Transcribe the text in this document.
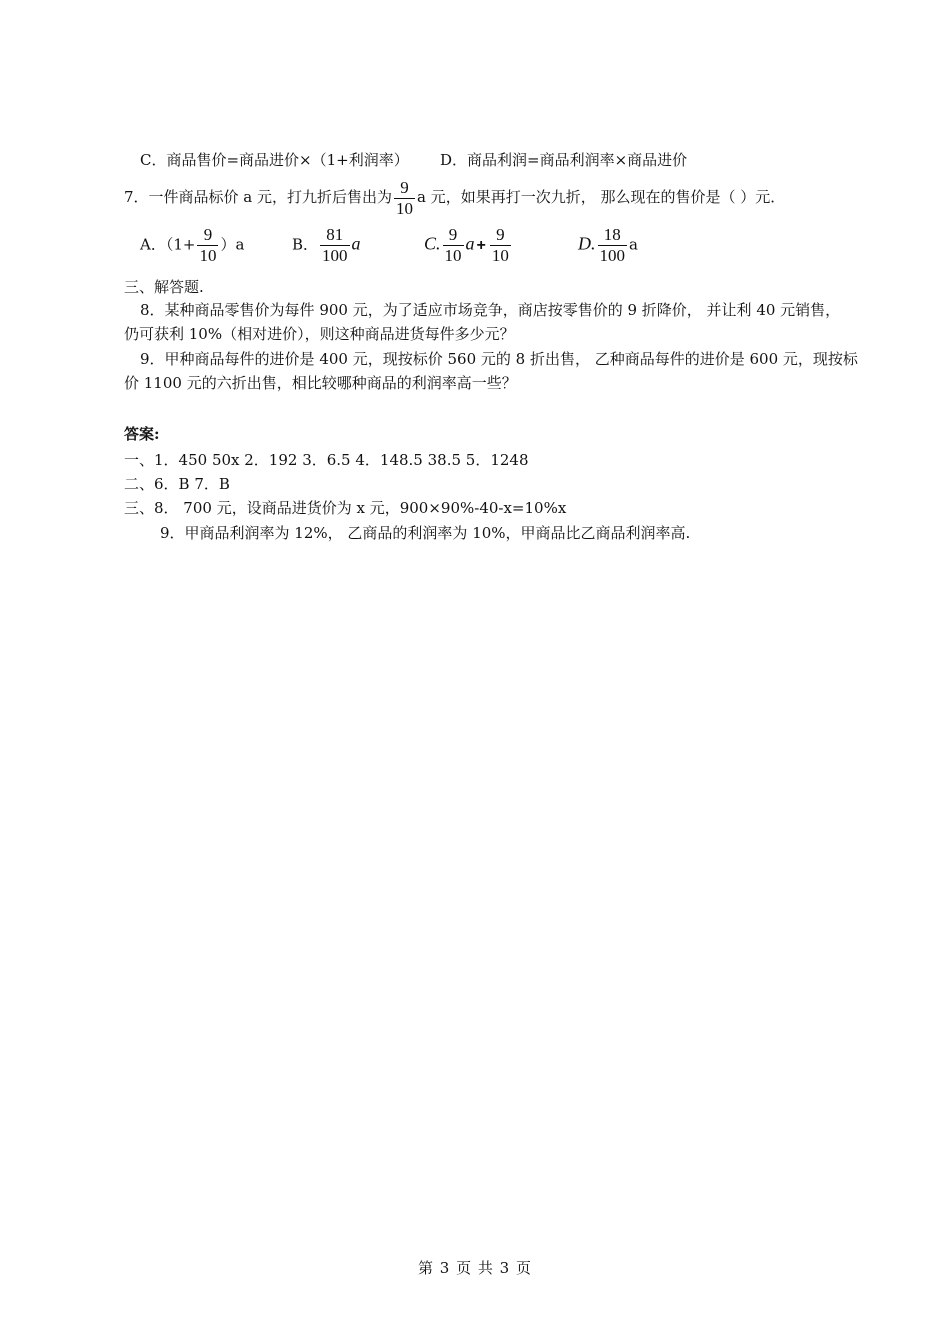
C．商品售价=商品进价×（1+利润率） D．商品利润=商品利润率×商品进价
7．一件商品标价 a 元，打九折后售出为 $\frac{9}{10}$ a 元，如果再打一次九折， 那么现在的售价是（ ）元．
A．$(1+ \frac{9}{10} )a$	B． $\frac{81}{100}$ a	C. $\frac{9}{10}$ $a + \frac{9}{10}$	D. $\frac{18}{100}$ a
三、解答题.
8．某种商品零售价为每件 900 元，为了适应市场竞争，商店按零售价的 9 折降价， 并让利 40 元销售，
仍可获利 10%（相对进价），则这种商品进货每件多少元？
9．甲种商品每件的进价是 400 元，现按标价 560 元的 8 折出售， 乙种商品每件的进价是 600 元，现按标
价 1100 元的六折出售，相比较哪种商品的利润率高一些？
答案:
一、1．450 50x 2．192 3．6.5 4．148.5 38.5 5．1248
二、6．B 7．B
三、8． 700 元，设商品进货价为 x 元，900×90%-40-x=10%x
9．甲商品利润率为 12%， 乙商品的利润率为 10%，甲商品比乙商品利润率高.
第 3 页 共 3 页
